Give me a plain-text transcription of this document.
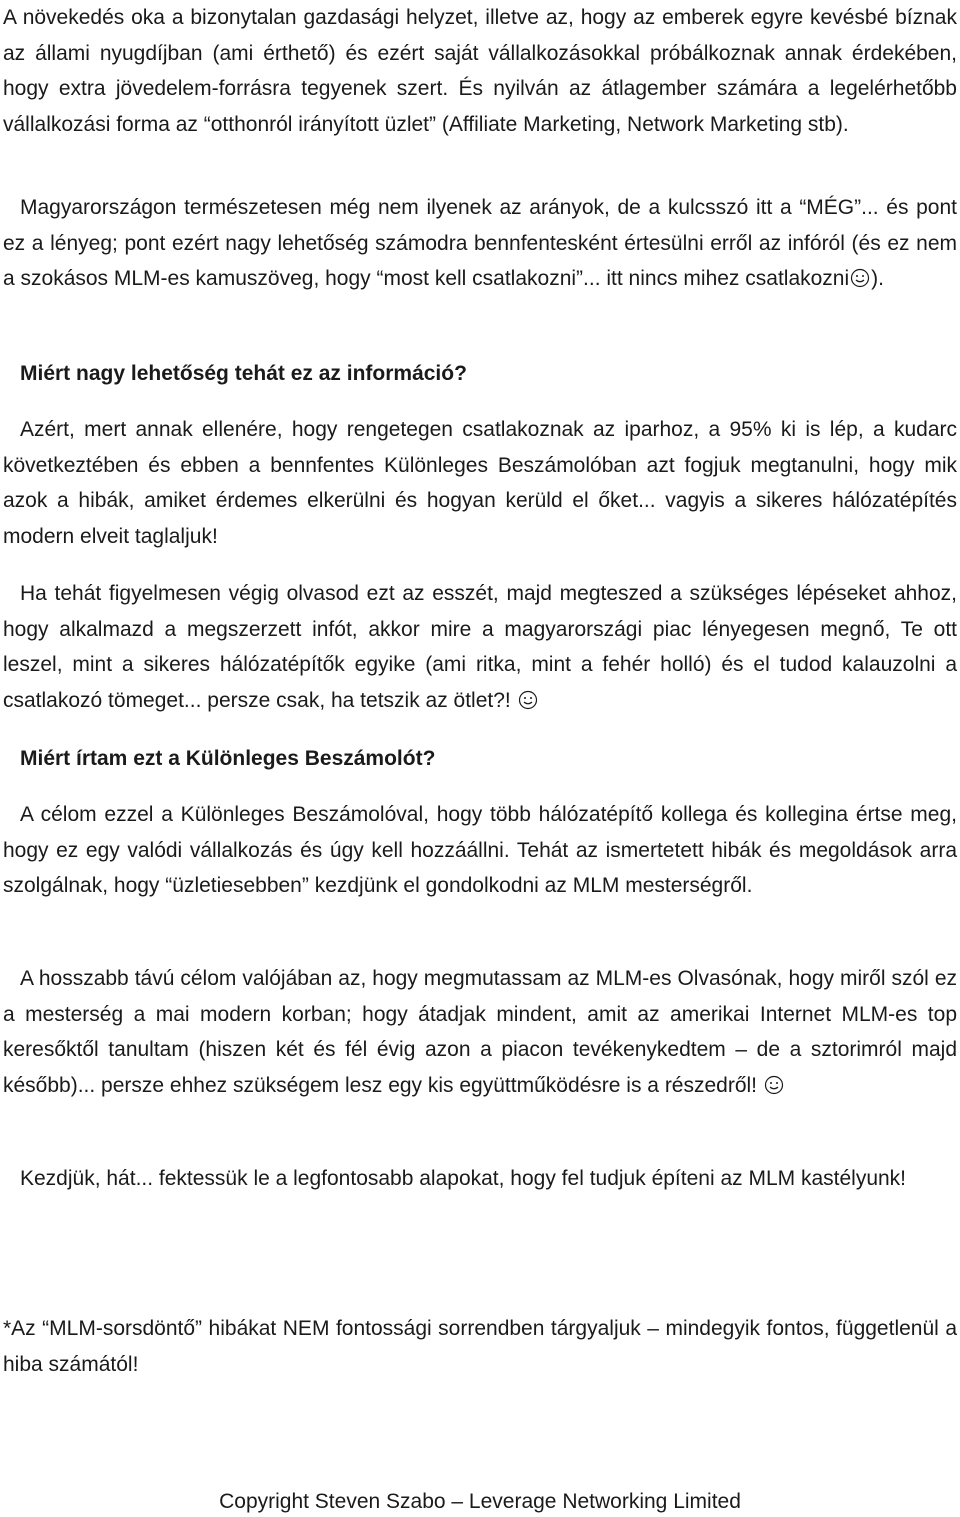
A növekedés oka a bizonytalan gazdasági helyzet, illetve az, hogy az emberek egyre kevésbé bíznak az állami nyugdíjban (ami érthető) és ezért saját vállalkozásokkal próbálkoznak annak érdekében, hogy extra jövedelem-forrásra tegyenek szert. És nyilván az átlagember számára a legelérhetőbb vállalkozási forma az “otthonról irányított üzlet” (Affiliate Marketing, Network Marketing stb).

Magyarországon természetesen még nem ilyenek az arányok, de a kulcsszó itt a “MÉG”... és pont ez a lényeg; pont ezért nagy lehetőség számodra bennfentesként értesülni erről az infóról (és ez nem a szokásos MLM-es kamuszöveg, hogy “most kell csatlakozni”... itt nincs mihez csatlakozni ).

Miért nagy lehetőség tehát ez az információ?

Azért, mert annak ellenére, hogy rengetegen csatlakoznak az iparhoz, a 95% ki is lép, a kudarc következtében és ebben a bennfentes Különleges Beszámolóban azt fogjuk megtanulni, hogy mik azok a hibák, amiket érdemes elkerülni és hogyan kerüld el őket... vagyis a sikeres hálózatépítés modern elveit taglaljuk!

Ha tehát figyelmesen végig olvasod ezt az esszét, majd megteszed a szükséges lépéseket ahhoz, hogy alkalmazd a megszerzett infót, akkor mire a magyarországi piac lényegesen megnő, Te ott leszel, mint a sikeres hálózatépítők egyike (ami ritka, mint a fehér holló) és el tudod kalauzolni a csatlakozó tömeget... persze csak, ha tetszik az ötlet?!

Miért írtam ezt a Különleges Beszámolót?

A célom ezzel a Különleges Beszámolóval, hogy több hálózatépítő kollega és kollegina értse meg, hogy ez egy valódi vállalkozás és úgy kell hozzáállni. Tehát az ismertetett hibák és megoldások arra szolgálnak, hogy “üzletiesebben” kezdjünk el gondolkodni az MLM mesterségről.

A hosszabb távú célom valójában az, hogy megmutassam az MLM-es Olvasónak, hogy miről szól ez a mesterség a mai modern korban; hogy átadjak mindent, amit az amerikai Internet MLM-es top keresőktől tanultam (hiszen két és fél évig azon a piacon tevékenykedtem – de a sztorimról majd később)... persze ehhez szükségem lesz egy kis együttműködésre is a részedről!

Kezdjük, hát... fektessük le a legfontosabb alapokat, hogy fel tudjuk építeni az MLM kastélyunk!

*Az “MLM-sorsdöntő” hibákat NEM fontossági sorrendben tárgyaljuk – mindegyik fontos, függetlenül a hiba számától!

Copyright Steven Szabo – Leverage Networking Limited
